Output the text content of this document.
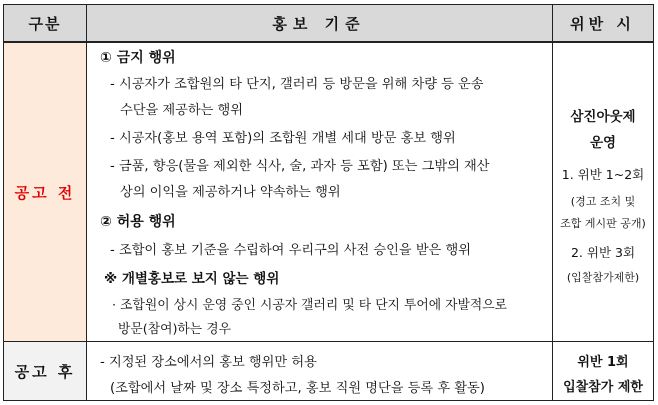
구분	홍보 기준	위반 시
공고 전
공고 후
① 금지 행위
- 시공자가 조합원의 타 단지, 갤러리 등 방문을 위해 차량 등 운송
수단을 제공하는 행위
- 시공자(홍보 용역 포함)의 조합원 개별 세대 방문 홍보 행위
- 금품, 향응(물을 제외한 식사, 술, 과자 등 포함) 또는 그밖의 재산
상의 이익을 제공하거나 약속하는 행위
② 허용 행위
- 조합이 홍보 기준을 수립하여 우리구의 사전 승인을 받은 행위
※ 개별홍보로 보지 않는 행위
· 조합원이 상시 운영 중인 시공자 갤러리 및 타 단지 투어에 자발적으로
방문(참여)하는 경우
삼진아웃제
운영
1. 위반 1~2회
(경고 조치 및
조합 게시판 공개)
2. 위반 3회
(입찰참가제한)
- 지정된 장소에서의 홍보 행위만 허용
(조합에서 날짜 및 장소 특정하고, 홍보 직원 명단을 등록 후 활동)
위반 1회
입찰참가 제한
